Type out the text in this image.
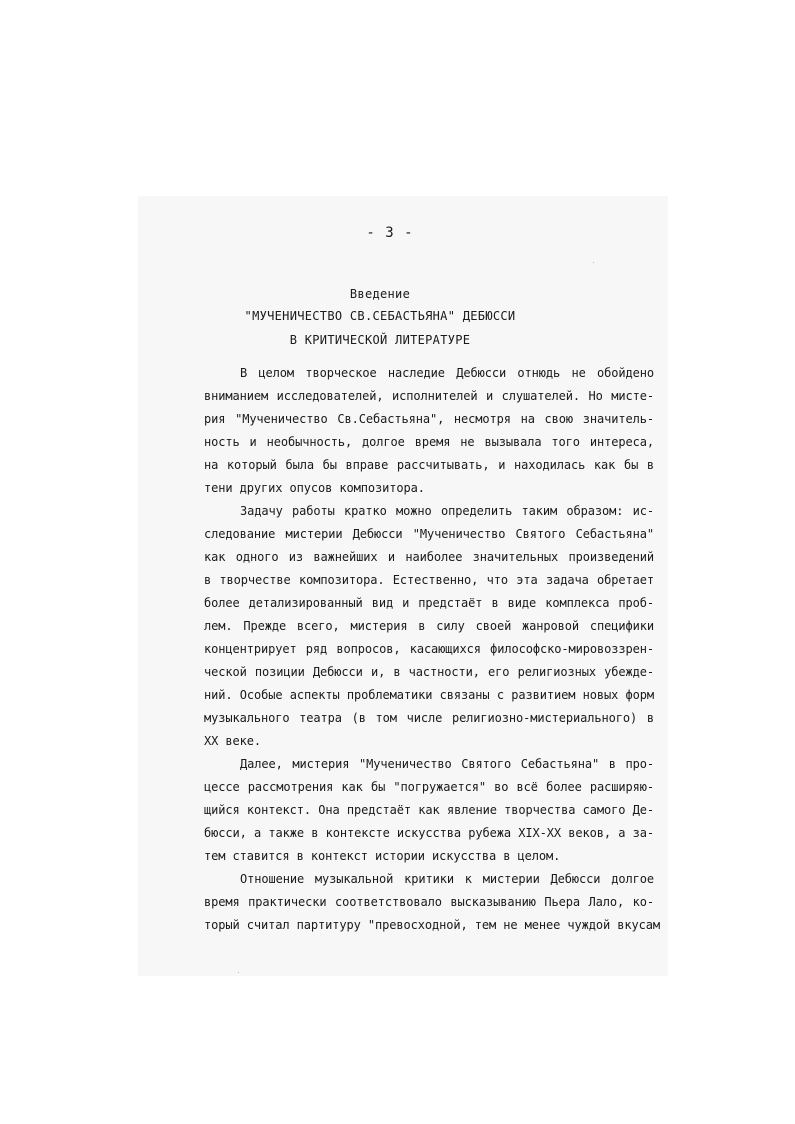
- 3 -
Введение
"МУЧЕНИЧЕСТВО СВ.СЕБАСТЬЯНА" ДЕБЮССИ
В КРИТИЧЕСКОЙ ЛИТЕРАТУРЕ
В целом творческое наследие Дебюсси отнюдь не обойдено
вниманием исследователей, исполнителей и слушателей. Но мисте-
рия "Мученичество Св.Себастьяна", несмотря на свою значитель-
ность и необычность, долгое время не вызывала того интереса,
на который была бы вправе рассчитывать, и находилась как бы в
тени других опусов композитора.
Задачу работы кратко можно определить таким образом: ис-
следование мистерии Дебюсси "Мученичество Святого Себастьяна"
как одного из важнейших и наиболее значительных произведений
в творчестве композитора. Естественно, что эта задача обретает
более детализированный вид и предстаёт в виде комплекса проб-
лем. Прежде всего, мистерия в силу своей жанровой специфики
концентрирует ряд вопросов, касающихся философско-мировоззрен-
ческой позиции Дебюсси и, в частности, его религиозных убежде-
ний. Особые аспекты проблематики связаны с развитием новых форм
музыкального театра (в том числе религиозно-мистериального) в
XX веке.
Далее, мистерия "Мученичество Святого Себастьяна" в про-
цессе рассмотрения как бы "погружается" во всё более расширяю-
щийся контекст. Она предстаёт как явление творчества самого Де-
бюсси, а также в контексте искусства рубежа XIX-XX веков, а за-
тем ставится в контекст истории искусства в целом.
Отношение музыкальной критики к мистерии Дебюсси долгое
время практически соответствовало высказыванию Пьера Лало, ко-
торый считал партитуру "превосходной, тем не менее чуждой вкусам
